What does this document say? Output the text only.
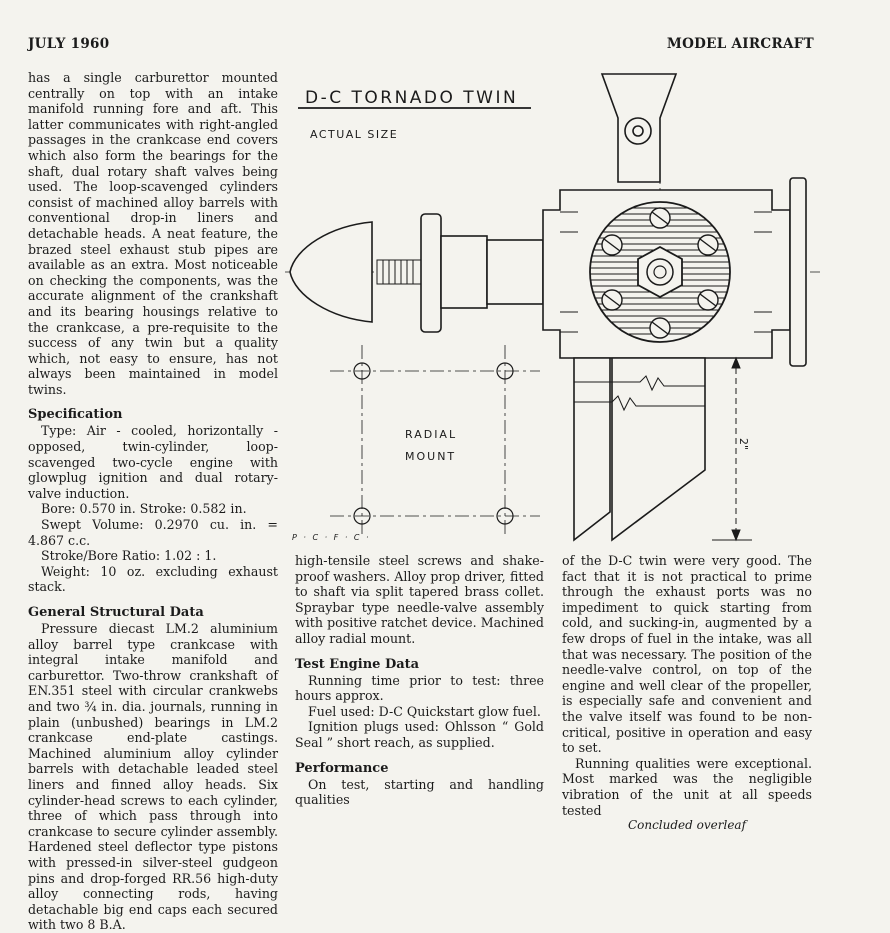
JULY 1960	MODEL AIRCRAFT

has a single carburettor mounted centrally on top with an intake manifold running fore and aft. This latter communicates with right-angled passages in the crankcase end covers which also form the bearings for the shaft, dual rotary shaft valves being used. The loop-scavenged cylinders consist of machined alloy barrels with conventional drop-in liners and detachable heads. A neat feature, the brazed steel exhaust stub pipes are available as an extra. Most noticeable on checking the components, was the accurate alignment of the crankshaft and its bearing housings relative to the crankcase, a pre-requisite to the success of any twin but a quality which, not easy to ensure, has not always been maintained in model twins.

Specification

Type: Air - cooled, horizontally - opposed, twin-cylinder, loop-scavenged two-cycle engine with glowplug ignition and dual rotary-valve induction.

Bore: 0.570 in. Stroke: 0.582 in.

Swept Volume: 0.2970 cu. in. = 4.867 c.c.

Stroke/Bore Ratio: 1.02 : 1.

Weight: 10 oz. excluding exhaust stack.

General Structural Data

Pressure diecast LM.2 aluminium alloy barrel type crankcase with integral intake manifold and carburettor. Two-throw crankshaft of EN.351 steel with circular crankwebs and two ¾ in. dia. journals, running in plain (unbushed) bearings in LM.2 crankcase end-plate castings. Machined aluminium alloy cylinder barrels with detachable leaded steel liners and finned alloy heads. Six cylinder-head screws to each cylinder, three of which pass through into crankcase to secure cylinder assembly. Hardened steel deflector type pistons with pressed-in silver-steel gudgeon pins and drop-forged RR.56 high-duty alloy connecting rods, having detachable big end caps each secured with two 8 B.A.

high-tensile steel screws and shake-proof washers. Alloy prop driver, fitted to shaft via split tapered brass collet. Spraybar type needle-valve assembly with positive ratchet device. Machined alloy radial mount.

Test Engine Data

Running time prior to test: three hours approx.

Fuel used: D-C Quickstart glow fuel.

Ignition plugs used: Ohlsson “ Gold Seal ” short reach, as supplied.

Performance

On test, starting and handling qualities

of the D-C twin were very good. The fact that it is not practical to prime through the exhaust ports was no impediment to quick starting from cold, and sucking-in, augmented by a few drops of fuel in the intake, was all that was necessary. The position of the needle-valve control, on top of the engine and well clear of the propeller, is especially safe and convenient and the valve itself was found to be non-critical, positive in operation and easy to set.

Running qualities were exceptional. Most marked was the negligible vibration of the unit at all speeds tested

Concluded overleaf
D-C TORNADO TWIN
ACTUAL SIZE
RADIAL
MOUNT
2"
P · C · F · C ·
